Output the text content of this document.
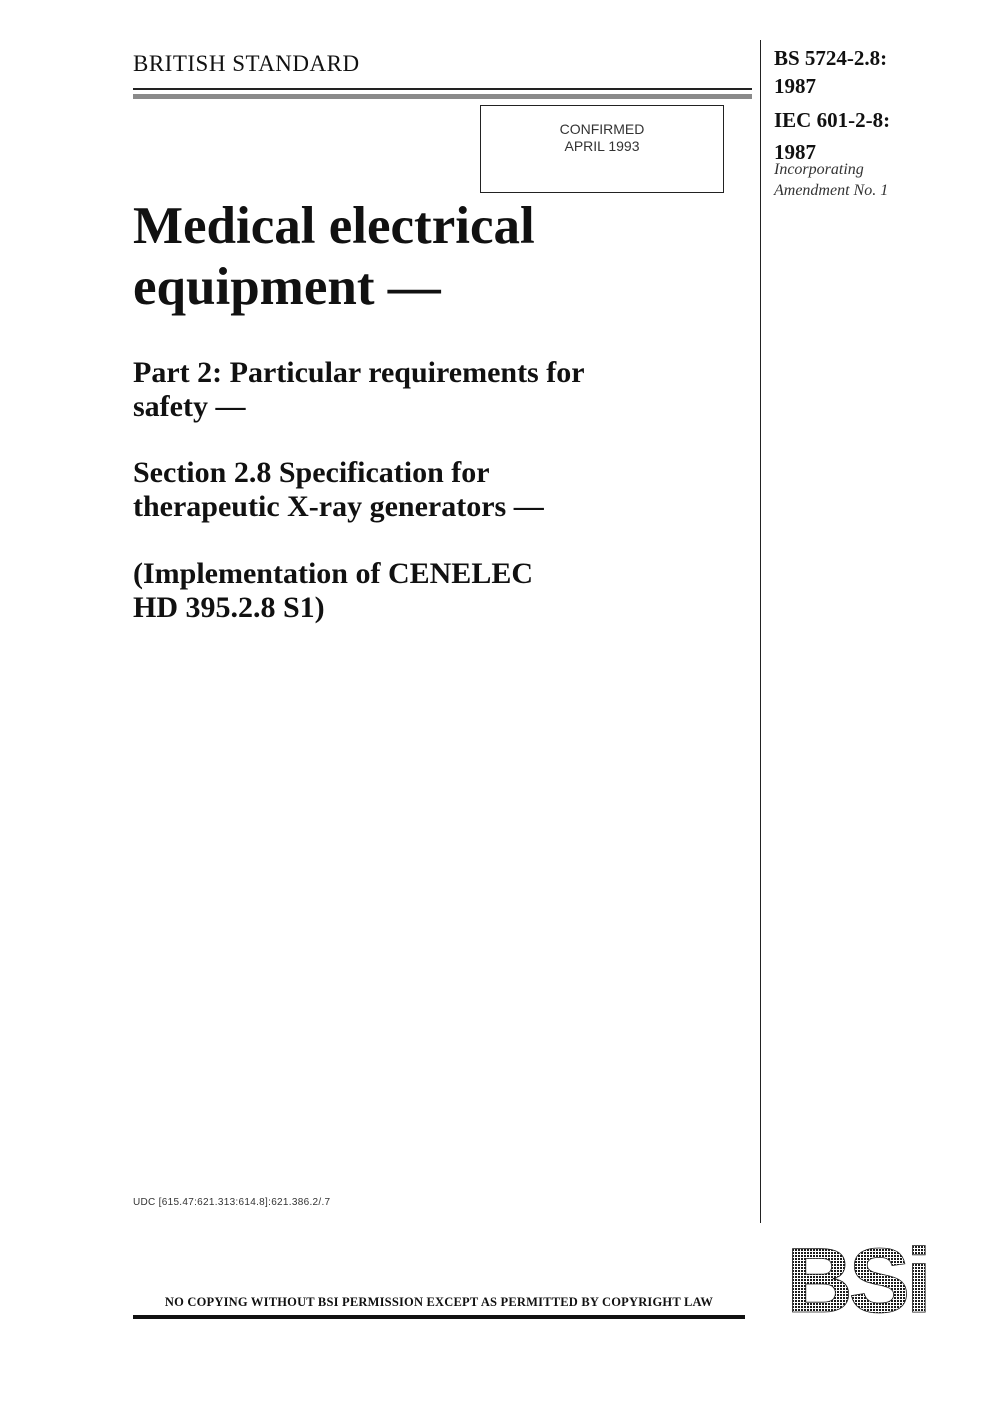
BRITISH STANDARD
CONFIRMED
APRIL 1993
BS 5724-2.8:
1987
IEC 601-2-8:
1987
Incorporating
Amendment No. 1
Medical electrical
equipment —
Part 2: Particular requirements for
safety —
Section 2.8 Specification for
therapeutic X-ray generators —
(Implementation of CENELEC
HD 395.2.8 S1)
UDC [615.47:621.313:614.8]:621.386.2/.7
NO COPYING WITHOUT BSI PERMISSION EXCEPT AS PERMITTED BY COPYRIGHT LAW BSi
